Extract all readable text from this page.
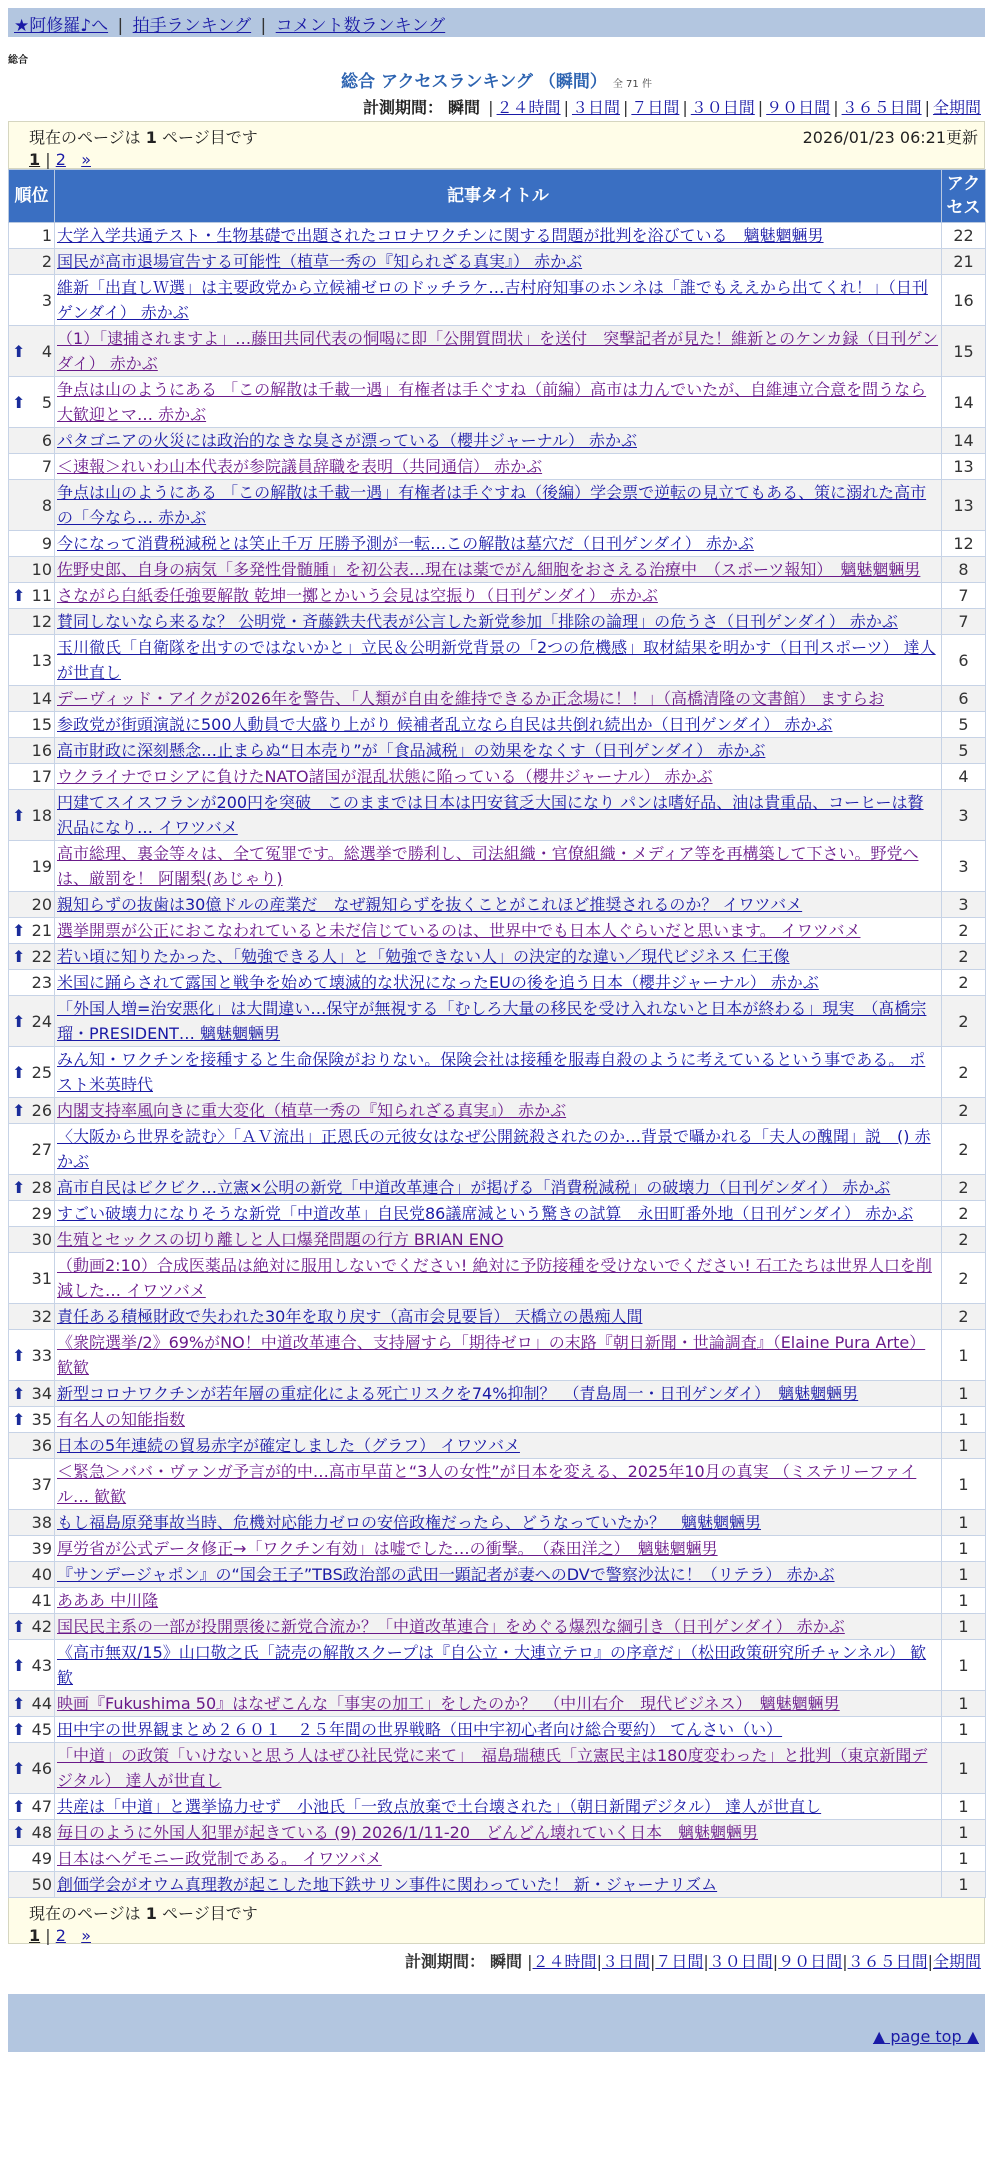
★阿修羅♪へ | 拍手ランキング | コメント数ランキング
総合
総合 アクセスランキング （瞬間） 全 71 件
計測期間： 瞬間 | ２４時間 | ３日間 | ７日間 | ３０日間 | ９０日間 | ３６５日間 | 全期間
現在のページは 1 ページ目です	2026/01/23 06:21更新
1 | 2 »
順位	記事タイトル	アクセス
1	大学入学共通テスト・生物基礎で出題されたコロナワクチンに関する問題が批判を浴びている　魑魅魍魎男	22
2	国民が高市退場宣告する可能性（植草一秀の『知られざる真実』） 赤かぶ	21
3	維新「出直しＷ選」は主要政党から立候補ゼロのドッチラケ…吉村府知事のホンネは「誰でもええから出てくれ！」（日刊ゲンダイ） 赤かぶ	16

⬆ 4	（1）「逮捕されますよ」…藤田共同代表の恫喝に即「公開質問状」を送付　突撃記者が見た！維新とのケンカ録（日刊ゲンダイ） 赤かぶ	15

⬆ 5	争点は山のようにある 「この解散は千載一遇」有権者は手ぐすね（前編）高市は力んでいたが、自維連立合意を問うなら大歓迎とマ… 赤かぶ	14
6	パタゴニアの火災には政治的なきな臭さが漂っている（櫻井ジャーナル） 赤かぶ	14
7	＜速報＞れいわ山本代表が参院議員辞職を表明（共同通信） 赤かぶ	13
8	争点は山のようにある 「この解散は千載一遇」有権者は手ぐすね（後編）学会票で逆転の見立てもある、策に溺れた高市の「今なら… 赤かぶ	13
9	今になって消費税減税とは笑止千万 圧勝予測が一転…この解散は墓穴だ（日刊ゲンダイ） 赤かぶ	12
10	佐野史郎、自身の病気「多発性骨髄腫」を初公表…現在は薬でがん細胞をおさえる治療中　（スポーツ報知）　魑魅魍魎男	8

⬆ 11	さながら白紙委任強要解散 乾坤一擲とかいう会見は空振り（日刊ゲンダイ） 赤かぶ	7
12	賛同しないなら来るな？ 公明党・斉藤鉄夫代表が公言した新党参加「排除の論理」の危うさ（日刊ゲンダイ） 赤かぶ	7
13	玉川徹氏「自衛隊を出すのではないかと」立民＆公明新党背景の「2つの危機感」取材結果を明かす（日刊スポーツ） 達人が世直し	6
14	デーヴィッド・アイクが2026年を警告、「人類が自由を維持できるか正念場に！！」（高橋清隆の文書館） ますらお	6
15	参政党が街頭演説に500人動員で大盛り上がり 候補者乱立なら自民は共倒れ続出か（日刊ゲンダイ） 赤かぶ	5
16	高市財政に深刻懸念…止まらぬ“日本売り”が「食品減税」の効果をなくす（日刊ゲンダイ） 赤かぶ	5
17	ウクライナでロシアに負けたNATO諸国が混乱状態に陥っている（櫻井ジャーナル） 赤かぶ	4

⬆ 18	円建てスイスフランが200円を突破　このままでは日本は円安貧乏大国になり パンは嗜好品、油は貴重品、コーヒーは贅沢品になり… イワツバメ	3
19	高市総理、裏金等々は、全て冤罪です。総選挙で勝利し、司法組織・官僚組織・メディア等を再構築して下さい。野党へは、厳罰を！ 阿闍梨(あじゃり)	3
20	親知らずの抜歯は30億ドルの産業だ　なぜ親知らずを抜くことがこれほど推奨されるのか？ イワツバメ	3

⬆ 21	選挙開票が公正におこなわれていると未だ信じているのは、世界中でも日本人ぐらいだと思います。 イワツバメ	2

⬆ 22	若い頃に知りたかった、「勉強できる人」と「勉強できない人」の決定的な違い／現代ビジネス 仁王像	2
23	米国に踊らされて露国と戦争を始めて壊滅的な状況になったEUの後を追う日本（櫻井ジャーナル） 赤かぶ	2

⬆ 24	「外国人増=治安悪化」は大間違い…保守が無視する「むしろ大量の移民を受け入れないと日本が終わる」現実　（髙橋宗瑠・PRESIDENT… 魑魅魍魎男	2

⬆ 25	みん知・ワクチンを接種すると生命保険がおりない。保険会社は接種を服毒自殺のように考えているという事である。 ポスト米英時代	2

⬆ 26	内閣支持率風向きに重大変化（植草一秀の『知られざる真実』） 赤かぶ	2
27	〈大阪から世界を読む〉「ＡＶ流出」正恩氏の元彼女はなぜ公開銃殺されたのか…背景で囁かれる「夫人の醜聞」説　() 赤かぶ	2

⬆ 28	高市自民はビクビク…立憲×公明の新党「中道改革連合」が掲げる「消費税減税」の破壊力（日刊ゲンダイ） 赤かぶ	2
29	すごい破壊力になりそうな新党「中道改革」自民党86議席減という驚きの試算　永田町番外地（日刊ゲンダイ） 赤かぶ	2
30	生殖とセックスの切り離しと人口爆発問題の行方 BRIAN ENO	2
31	（動画2:10）合成医薬品は絶対に服用しないでください! 絶対に予防接種を受けないでください! 石工たちは世界人口を削減した… イワツバメ	2
32	責任ある積極財政で失われた30年を取り戻す（高市会見要旨） 天橋立の愚痴人間	2

⬆ 33	《衆院選挙/2》69%がNO！中道改革連合、支持層すら「期待ゼロ」の末路『朝日新聞・世論調査』（Elaine Pura Arte） 歓歓	1

⬆ 34	新型コロナワクチンが若年層の重症化による死亡リスクを74%抑制？　（青島周一・日刊ゲンダイ）　魑魅魍魎男	1

⬆ 35	有名人の知能指数	1
36	日本の5年連続の貿易赤字が確定しました（グラフ） イワツバメ	1
37	＜緊急＞ババ・ヴァンガ予言が的中…高市早苗と“3人の女性”が日本を変える、2025年10月の真実 （ミステリーファイル… 歓歓	1
38	もし福島原発事故当時、危機対応能力ゼロの安倍政権だったら、どうなっていたか？　魑魅魍魎男	1
39	厚労省が公式データ修正→「ワクチン有効」は嘘でした…の衝撃。　（森田洋之）　魑魅魍魎男	1
40	『サンデージャポン』の“国会王子”TBS政治部の武田一顕記者が妻へのDVで警察沙汰に！（リテラ） 赤かぶ	1
41	あああ 中川隆	1

⬆ 42	国民民主系の一部が投開票後に新党合流か？「中道改革連合」をめぐる爆烈な綱引き（日刊ゲンダイ） 赤かぶ	1

⬆ 43	《高市無双/15》山口敬之氏「読売の解散スクープは『自公立・大連立テロ』の序章だ」（松田政策研究所チャンネル） 歓歓	1

⬆ 44	映画『Fukushima 50』はなぜこんな「事実の加工」をしたのか？　（中川右介　現代ビジネス）　魑魅魍魎男	1

⬆ 45	田中宇の世界観まとめ２６０１　２５年間の世界戦略（田中宇初心者向け総合要約） てんさい（い）	1

⬆ 46	「中道」の政策「いけないと思う人はぜひ社民党に来て」　福島瑞穂氏「立憲民主は180度変わった」と批判（東京新聞デジタル） 達人が世直し	1

⬆ 47	共産は「中道」と選挙協力せず　小池氏「一致点放棄で土台壊された」（朝日新聞デジタル） 達人が世直し	1

⬆ 48	毎日のように外国人犯罪が起きている (9) 2026/1/11-20　どんどん壊れていく日本　魑魅魍魎男	1
49	日本はヘゲモニー政党制である。 イワツバメ	1
50	創価学会がオウム真理教が起こした地下鉄サリン事件に関わっていた！ 新・ジャーナリズム	1
現在のページは 1 ページ目です
1 | 2 »
計測期間： 瞬間 |２４時間|３日間|７日間|３０日間|９０日間|３６５日間|全期間
▲ page top ▲
